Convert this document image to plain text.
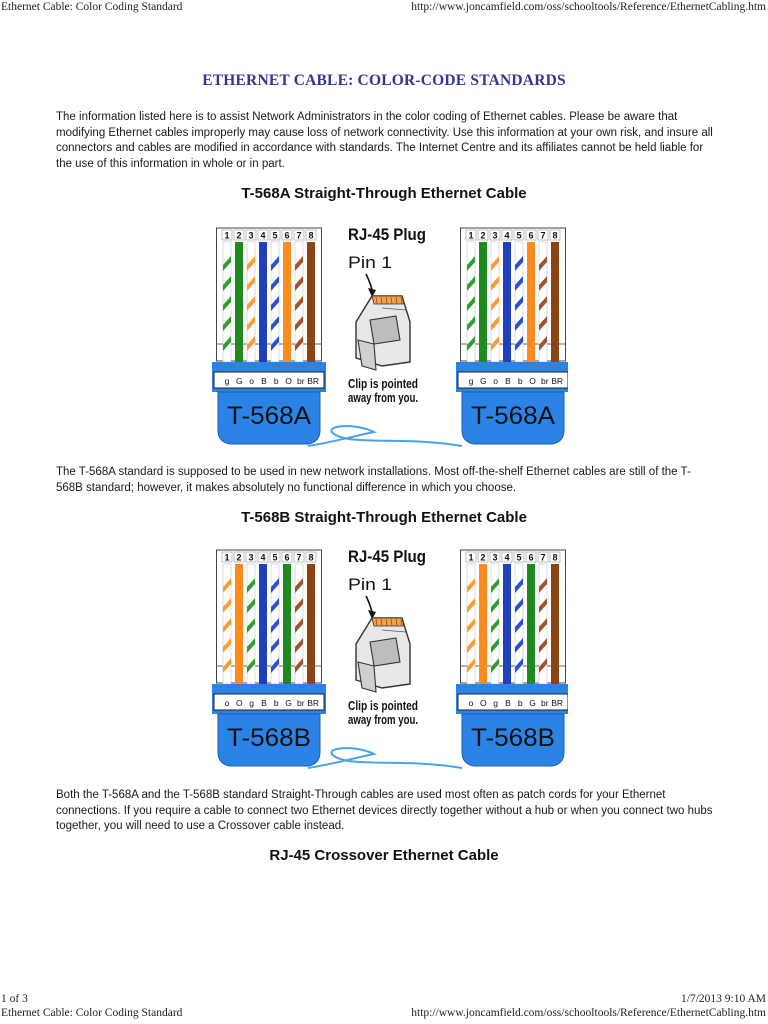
Ethernet Cable: Color Coding Standard	http://www.joncamfield.com/oss/schooltools/Reference/EthernetCabling.htm
ETHERNET CABLE: COLOR-CODE STANDARDS

The information listed here is to assist Network Administrators in the color coding of Ethernet cables. Please be aware that modifying Ethernet cables improperly may cause loss of network connectivity. Use this information at your own risk, and insure all connectors and cables are modified in accordance with standards. The Internet Centre and its affiliates cannot be held liable for the use of this information in whole or in part.

T-568A Straight-Through Ethernet Cable
1 2 3 4 5 6 7 8
g G o B b O br BR
T-568A
1 2 3 4 5 6 7 8
g G o B b O br BR
T-568A
RJ-45 Plug
Pin 1
Clip is pointed
away from you.

The T-568A standard is supposed to be used in new network installations. Most off-the-shelf Ethernet cables are still of the T-568B standard; however, it makes absolutely no functional difference in which you choose.

T-568B Straight-Through Ethernet Cable
1 2 3 4 5 6 7 8
o O g B b G br BR
T-568B
1 2 3 4 5 6 7 8
o O g B b G br BR
T-568B
RJ-45 Plug
Pin 1
Clip is pointed
away from you.

Both the T-568A and the T-568B standard Straight-Through cables are used most often as patch cords for your Ethernet connections. If you require a cable to connect two Ethernet devices directly together without a hub or when you connect two hubs together, you will need to use a Crossover cable instead.

RJ-45 Crossover Ethernet Cable
1 of 3	1/7/2013 9:10 AM
Ethernet Cable: Color Coding Standard	http://www.joncamfield.com/oss/schooltools/Reference/EthernetCabling.htm
